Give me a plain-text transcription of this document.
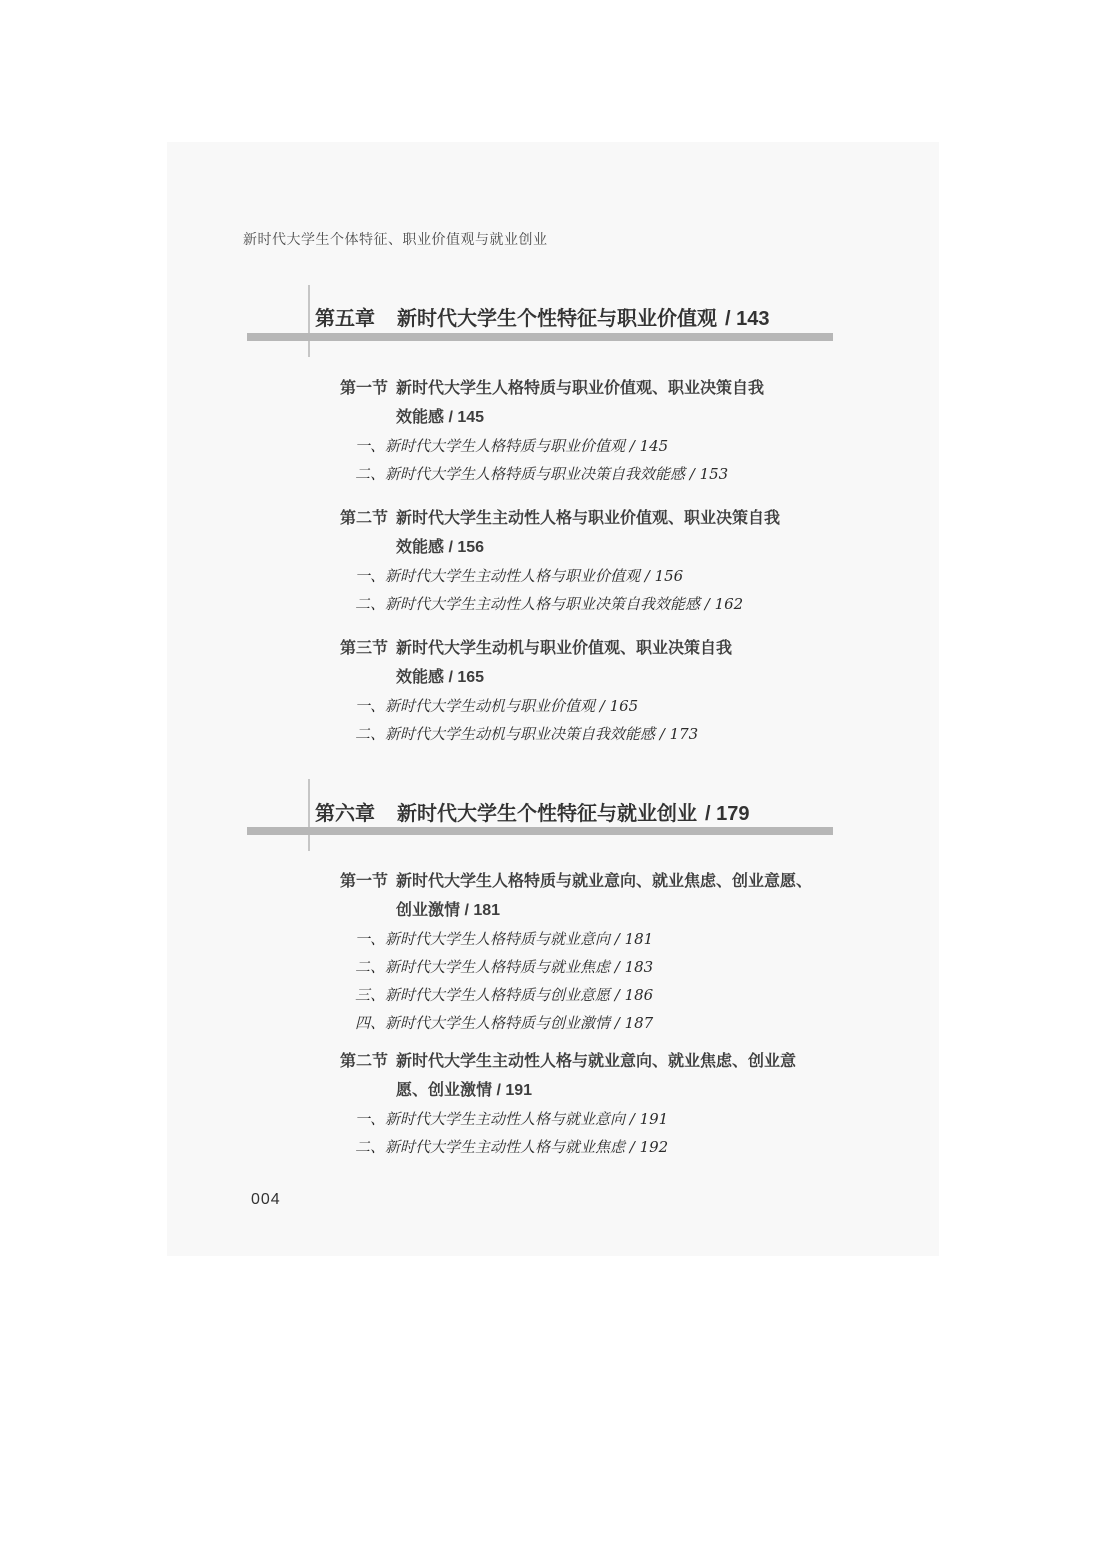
新时代大学生个体特征、职业价值观与就业创业
第五章 新时代大学生个性特征与职业价值观 / 143
第一节 新时代大学生人格特质与职业价值观、职业决策自我
效能感 / 145
一、新时代大学生人格特质与职业价值观 / 145
二、新时代大学生人格特质与职业决策自我效能感 / 153
第二节 新时代大学生主动性人格与职业价值观、职业决策自我
效能感 / 156
一、新时代大学生主动性人格与职业价值观 / 156
二、新时代大学生主动性人格与职业决策自我效能感 / 162
第三节 新时代大学生动机与职业价值观、职业决策自我
效能感 / 165
一、新时代大学生动机与职业价值观 / 165
二、新时代大学生动机与职业决策自我效能感 / 173
第六章 新时代大学生个性特征与就业创业 / 179
第一节 新时代大学生人格特质与就业意向、就业焦虑、创业意愿、
创业激情 / 181
一、新时代大学生人格特质与就业意向 / 181
二、新时代大学生人格特质与就业焦虑 / 183
三、新时代大学生人格特质与创业意愿 / 186
四、新时代大学生人格特质与创业激情 / 187
第二节 新时代大学生主动性人格与就业意向、就业焦虑、创业意
愿、创业激情 / 191
一、新时代大学生主动性人格与就业意向 / 191
二、新时代大学生主动性人格与就业焦虑 / 192
004
